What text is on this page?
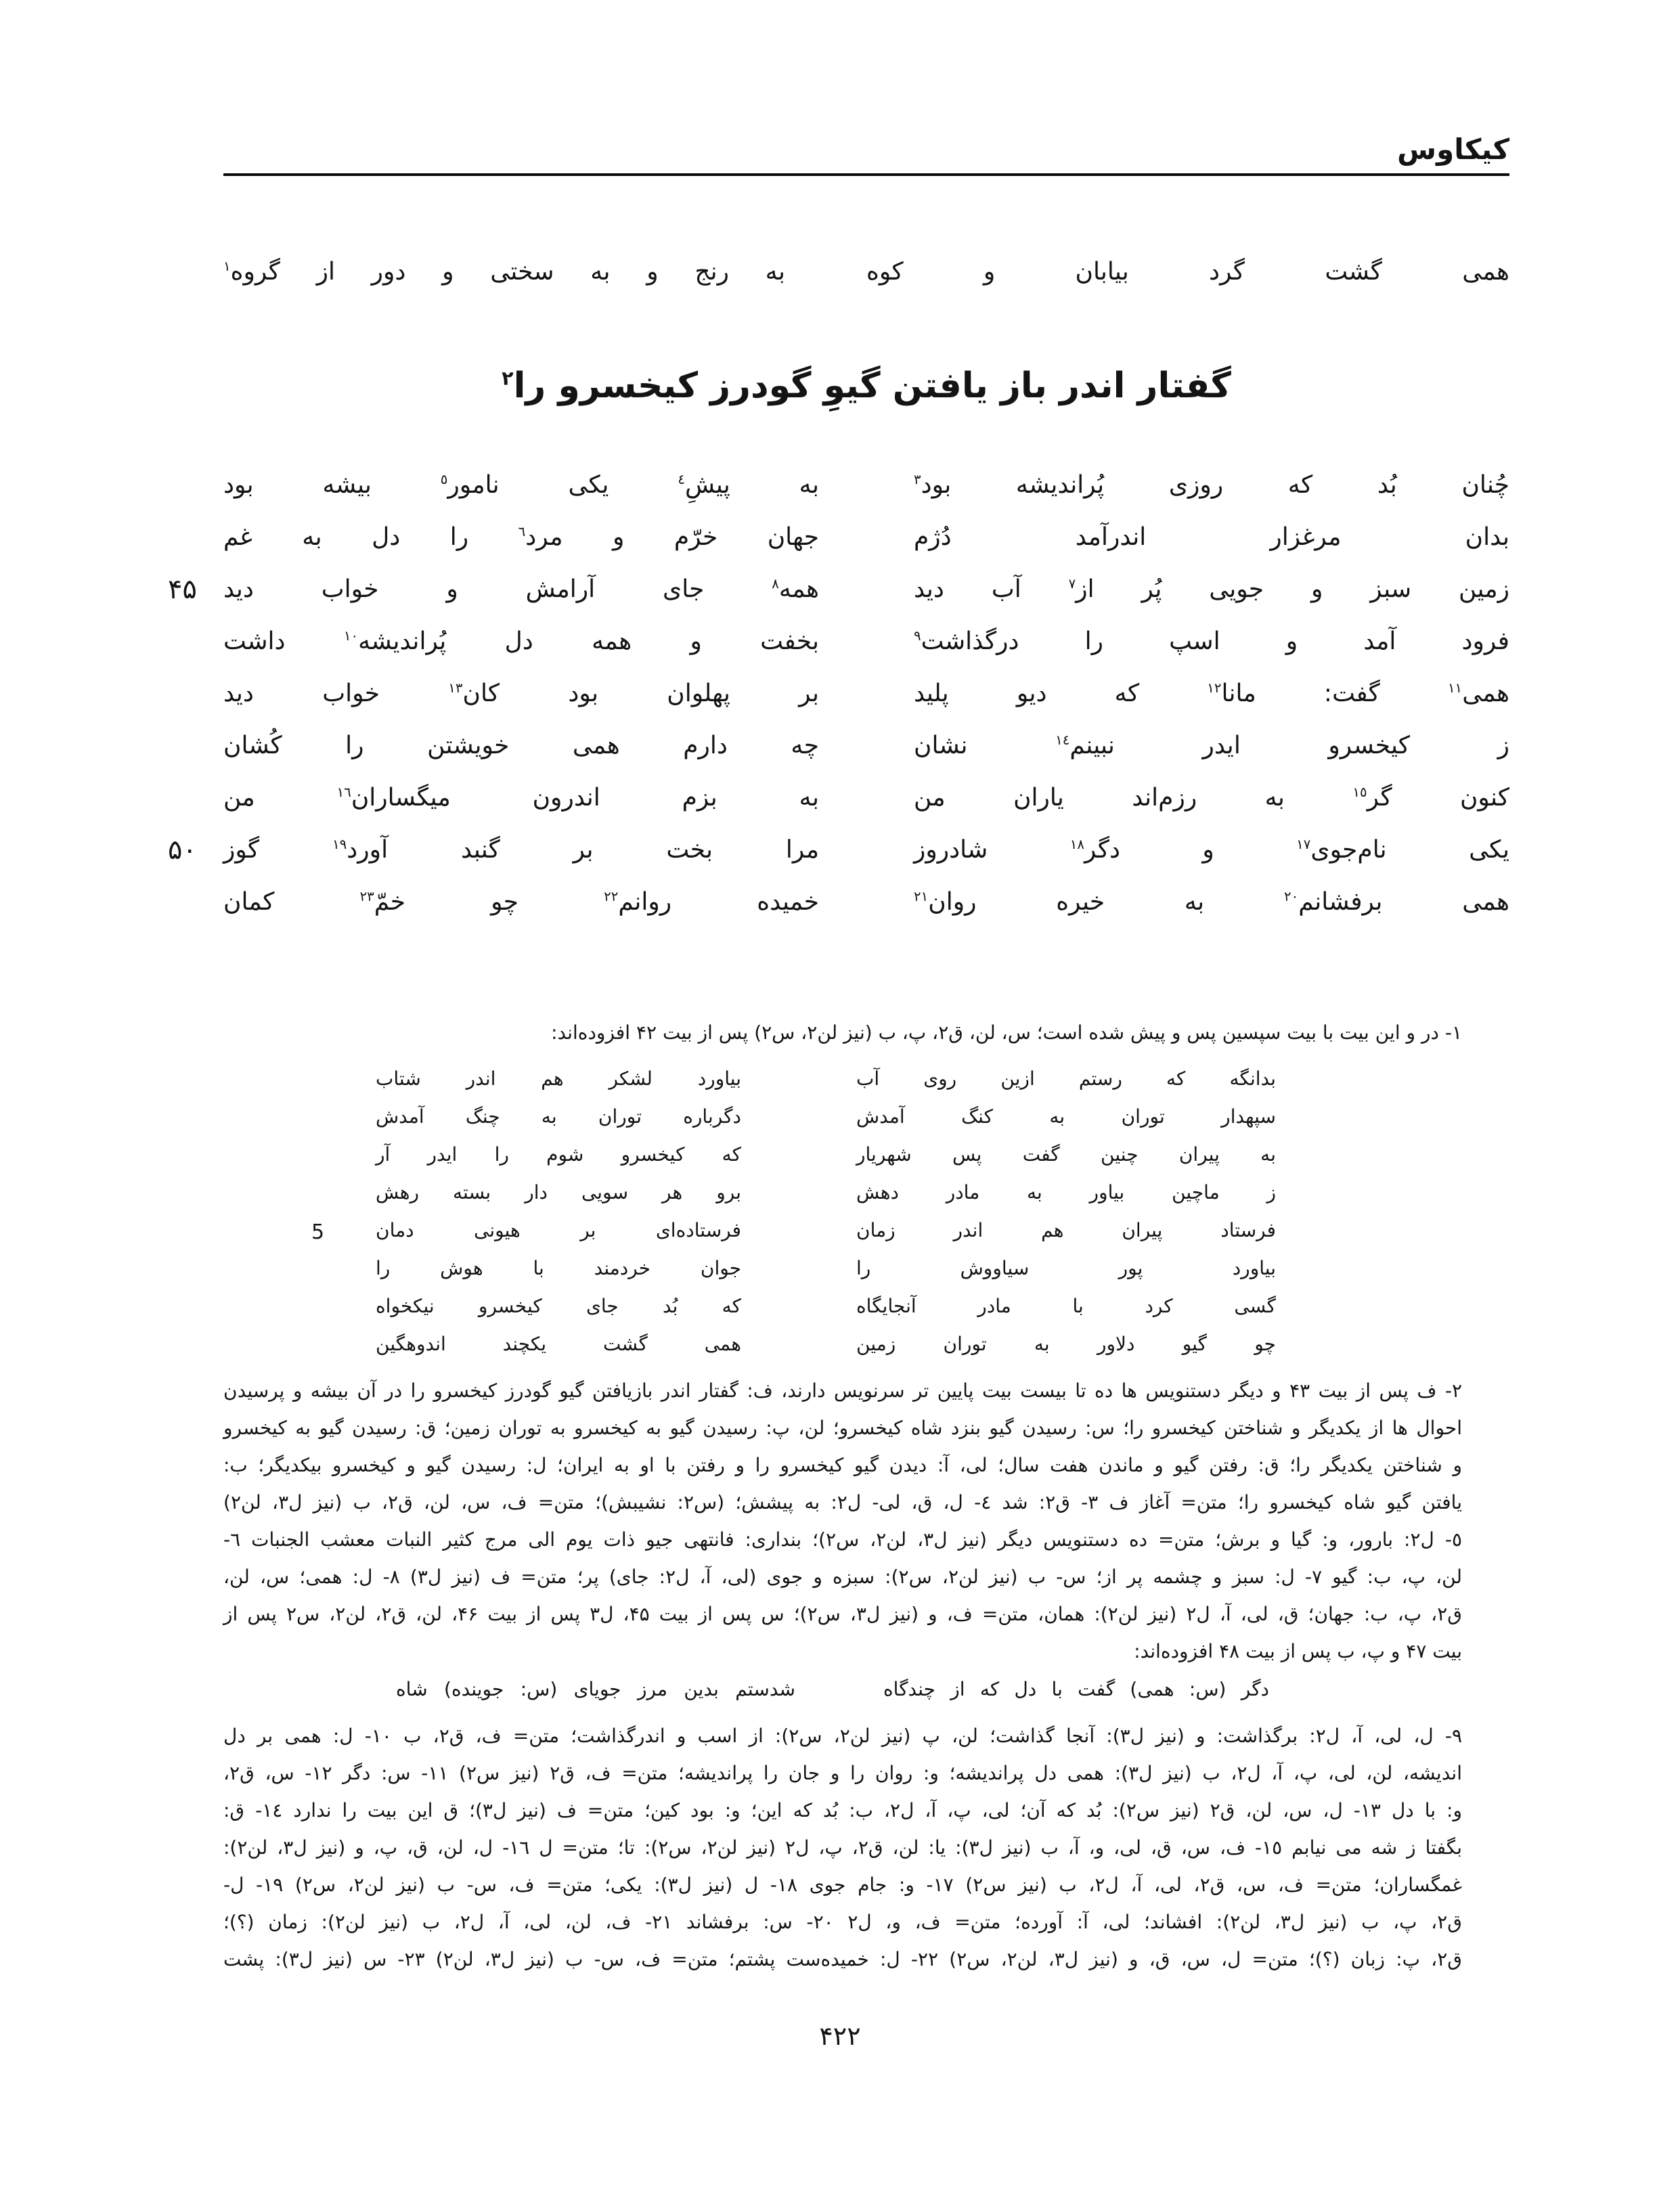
كيكاوس
همى گشت گرد بيابان و كوه
به رنج و به سختى و دور از گروه$^١$
گفتار اندر باز يافتن گيوِ گودرز كيخسرو را$^٢$
چُنان بُد كه روزى پُرانديشه بود$^٣$
به پيشِ$^٤$ يكى نامور$^٥$ بيشه بود
بدان مرغزار اندرآمد دُژم
جهان خرّم و مرد$^٦$ را دل به غم
۴۵	زمين سبز و جويى پُر از$^٧$ آب ديد
همه$^٨$ جاى آرامش و خواب ديد
فرود آمد و اسپ را درگذاشت$^٩$
بخفت و همه دل پُرانديشه$^{١٠}$ داشت
همى$^{١١}$ گفت: مانا$^{١٢}$ كه ديو پليد
بر پهلوان بود كان$^{١٣}$ خواب ديد
ز كيخسرو ايدر نبينم$^{١٤}$ نشان
چه دارم همى خويشتن را كُشان
كنون گر$^{١٥}$ به رزم‌اند ياران من
به بزم اندرون ميگساران$^{١٦}$ من
۵۰	يكى نام‌جوى$^{١٧}$ و دگر$^{١٨}$ شادروز
مرا بخت بر گنبد آورد$^{١٩}$ گوز
همى برفشانم$^{٢٠}$ به خيره روان$^{٢١}$
خميده روانم$^{٢٢}$ چو خمّ$^{٢٣}$ كمان
١- در و اين بيت با بيت سپسين پس و پيش شده است؛ س، لن، ق٢، پ، ب (نيز لن٢، س٢) پس از بيت ۴۲ افزوده‌اند:
5
بدانگه كه رستم ازين روى آب
بياورد لشكر هم اندر شتاب
سپهدار توران به كنگ آمدش
دگرباره توران به چنگ آمدش
به پيران چنين گفت پس شهريار
كه كيخسرو شوم را ايدر آر
ز ماچين بياور به مادر دهش
برو هر سويى دار بسته رهش
فرستاد پيران هم اندر زمان
فرستاده‌اى بر هيونى دمان
بياورد پور سياووش را
جوان خردمند با هوش را
گسى كرد با مادر آنجايگاه
كه بُد جاى كيخسرو نيكخواه
چو گيو دلاور به توران زمين
همى گشت يكچند اندوهگين
٢- ف پس از بيت ۴۳ و ديگر دستنويس ها ده تا بيست بيت پايين تر سرنويس دارند، ف: گفتار اندر بازيافتن گيو گودرز كيخسرو را در آن بيشه و پرسيدن
احوال ها از يكديگر و شناختن كيخسرو را؛ س: رسيدن گيو بنزد شاه كيخسرو؛ لن، پ: رسيدن گيو به كيخسرو به توران زمين؛ ق: رسيدن گيو به كيخسرو
و شناختن يكديگر را؛ ق: رفتن گيو و ماندن هفت سال؛ لى، آ: ديدن گيو كيخسرو را و رفتن با او به ايران؛ ل: رسيدن گيو و كيخسرو بيكديگر؛ ب:
يافتن گيو شاه كيخسرو را؛ متن= آغاز ف ٣- ق٢: شد ٤- ل، ق، لى- ل٢: به پيشش؛ (س٢: نشيبش)؛ متن= ف، س، لن، ق٢، ب (نيز ل٣، لن٢)
٥- ل٢: بارور، و: گيا و برش؛ متن= ده دستنويس ديگر (نيز ل٣، لن٢، س٢)؛ بندارى: فانتهى جيو ذات يوم الى مرج كثير النبات معشب الجنبات ٦-
لن، پ، ب: گيو ٧- ل: سبز و چشمه پر از؛ س- ب (نيز لن٢، س٢): سبزه و جوى (لى، آ، ل٢: جاى) پر؛ متن= ف (نيز ل٣) ٨- ل: همى؛ س، لن،
ق٢، پ، ب: جهان؛ ق، لى، آ، ل٢ (نيز لن٢): همان، متن= ف، و (نيز ل٣، س٢)؛ س پس از بيت ۴۵، ل٣ پس از بيت ۴۶، لن، ق٢، لن٢، س٢ پس از
بيت ۴۷ و پ، ب پس از بيت ۴۸ افزوده‌اند:
دگر (س: همى) گفت با دل كه از چندگاه
شدستم بدين مرز جوياى (س: جوينده) شاه
٩- ل، لى، آ، ل٢: برگذاشت: و (نيز ل٣): آنجا گذاشت؛ لن، پ (نيز لن٢، س٢): از اسب و اندرگذاشت؛ متن= ف، ق٢، ب ١٠- ل: همى بر دل
انديشه، لن، لى، پ، آ، ل٢، ب (نيز ل٣): همى دل پرانديشه؛ و: روان را و جان را پرانديشه؛ متن= ف، ق٢ (نيز س٢) ١١- س: دگر ١٢- س، ق٢،
و: با دل ١٣- ل، س، لن، ق٢ (نيز س٢): بُد كه آن؛ لى، پ، آ، ل٢، ب: بُد كه اين؛ و: بود كين؛ متن= ف (نيز ل٣)؛ ق اين بيت را ندارد ١٤- ق:
بگفتا ز شه مى نيابم ١٥- ف، س، ق، لى، و، آ، ب (نيز ل٣): يا: لن، ق٢، پ، ل٢ (نيز لن٢، س٢): تا؛ متن= ل ١٦- ل، لن، ق، پ، و (نيز ل٣، لن٢):
غمگساران؛ متن= ف، س، ق٢، لى، آ، ل٢، ب (نيز س٢) ١٧- و: جام جوى ١٨- ل (نيز ل٣): يكى؛ متن= ف، س- ب (نيز لن٢، س٢) ١٩- ل-
ق٢، پ، ب (نيز ل٣، لن٢): افشاند؛ لى، آ: آورده؛ متن= ف، و، ل٢ ٢٠- س: برفشاند ٢١- ف، لن، لى، آ، ل٢، ب (نيز لن٢): زمان (؟)؛
ق٢، پ: زبان (؟)؛ متن= ل، س، ق، و (نيز ل٣، لن٢، س٢) ٢٢- ل: خميده‌ست پشتم؛ متن= ف، س- ب (نيز ل٣، لن٢) ٢٣- س (نيز ل٣): پشت
۴۲۲
